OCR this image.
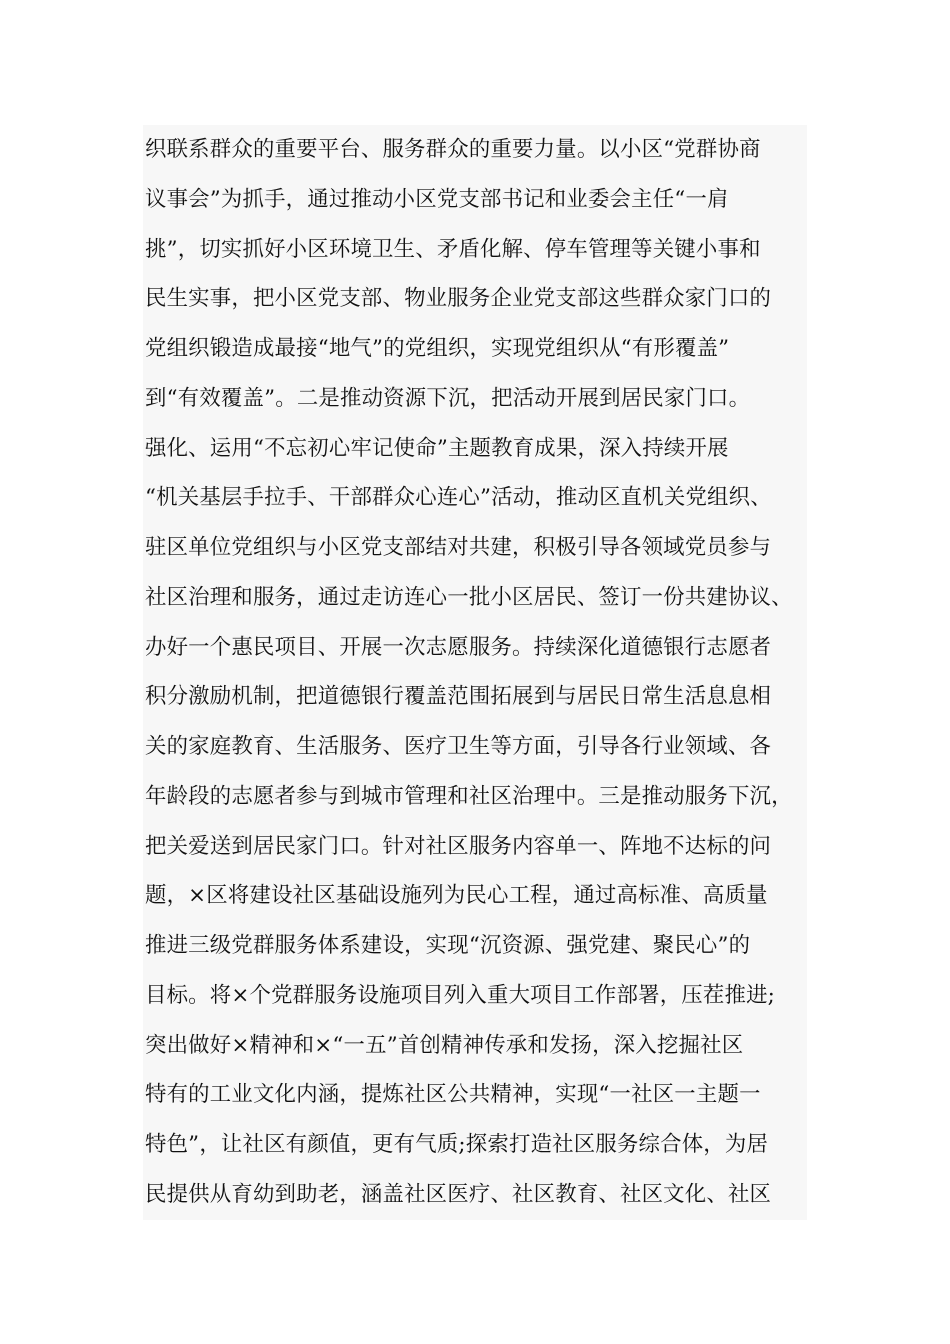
织联系群众的重要平台、服务群众的重要力量。以小区“党群协商
议事会”为抓手，通过推动小区党支部书记和业委会主任“一肩
挑”，切实抓好小区环境卫生、矛盾化解、停车管理等关键小事和
民生实事，把小区党支部、物业服务企业党支部这些群众家门口的
党组织锻造成最接“地气”的党组织，实现党组织从“有形覆盖”
到“有效覆盖”。二是推动资源下沉，把活动开展到居民家门口。
强化、运用“不忘初心牢记使命”主题教育成果，深入持续开展
“机关基层手拉手、干部群众心连心”活动，推动区直机关党组织、
驻区单位党组织与小区党支部结对共建，积极引导各领域党员参与
社区治理和服务，通过走访连心一批小区居民、签订一份共建协议、
办好一个惠民项目、开展一次志愿服务。持续深化道德银行志愿者
积分激励机制，把道德银行覆盖范围拓展到与居民日常生活息息相
关的家庭教育、生活服务、医疗卫生等方面，引导各行业领域、各
年龄段的志愿者参与到城市管理和社区治理中。三是推动服务下沉，
把关爱送到居民家门口。针对社区服务内容单一、阵地不达标的问
题，×区将建设社区基础设施列为民心工程，通过高标准、高质量
推进三级党群服务体系建设，实现“沉资源、强党建、聚民心”的
目标。将×个党群服务设施项目列入重大项目工作部署，压茬推进;
突出做好×精神和×“一五”首创精神传承和发扬，深入挖掘社区
特有的工业文化内涵，提炼社区公共精神，实现“一社区一主题一
特色”，让社区有颜值，更有气质;探索打造社区服务综合体，为居
民提供从育幼到助老，涵盖社区医疗、社区教育、社区文化、社区
